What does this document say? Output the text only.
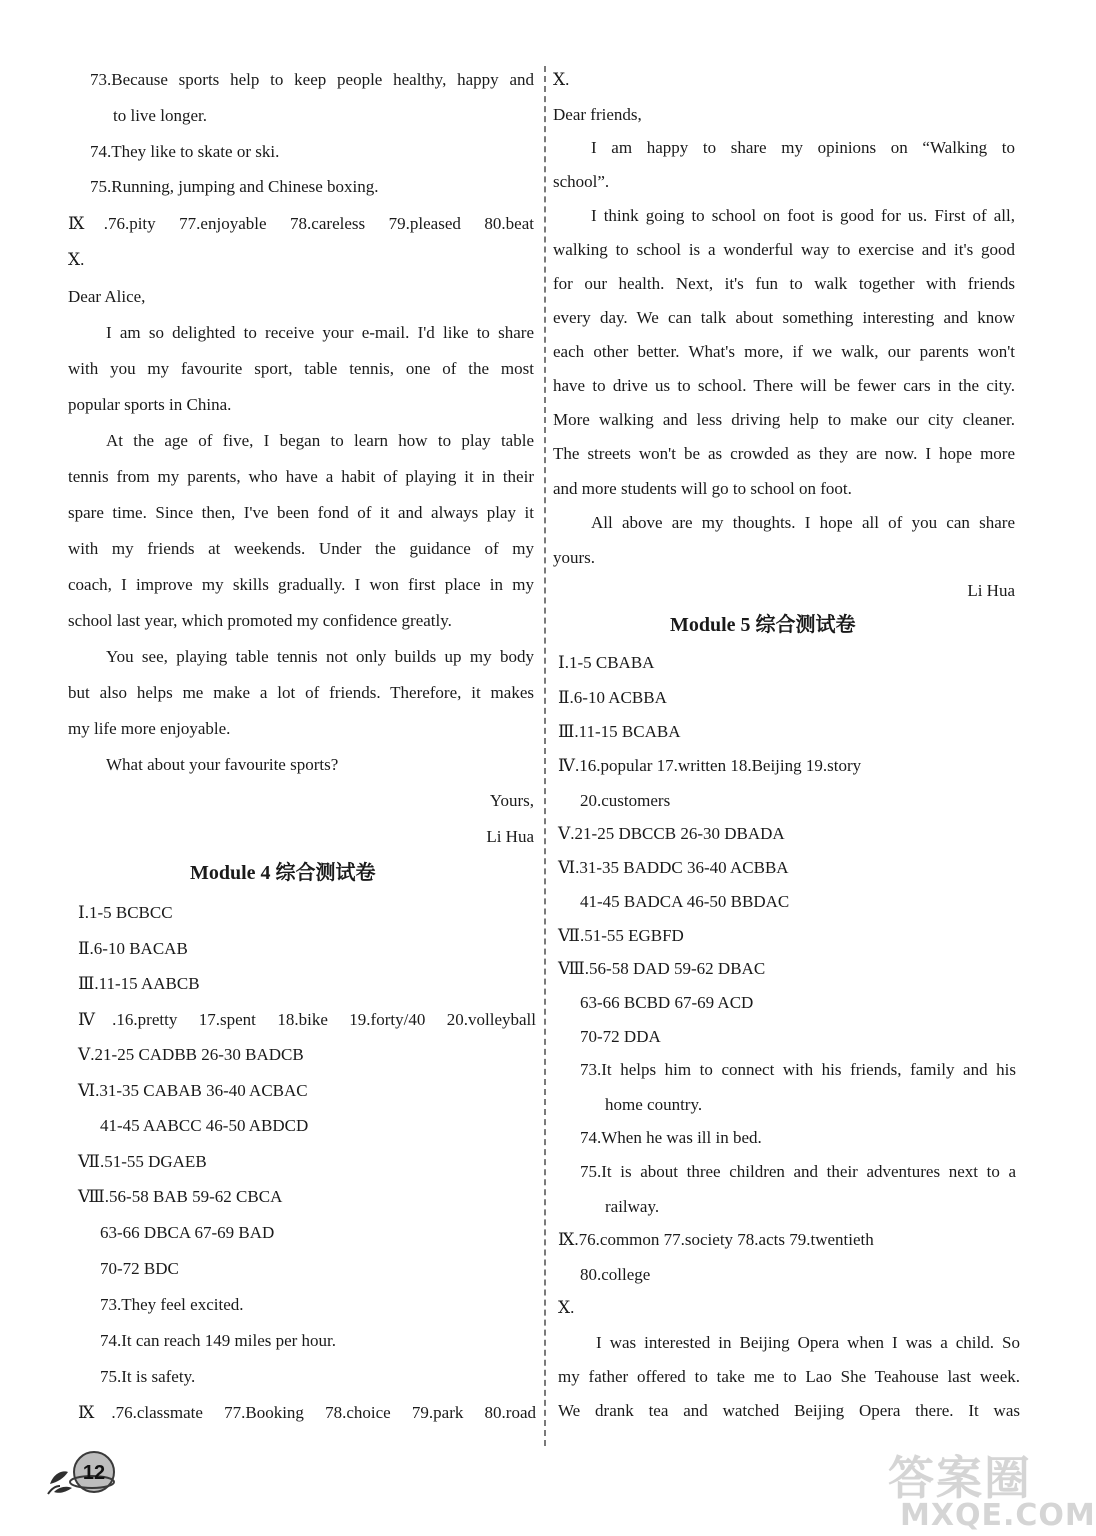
73.Because sports help to keep people healthy, happy and
to live longer.
74.They like to skate or ski.
75.Running, jumping and Chinese boxing.
Ⅸ.76.pity 77.enjoyable 78.careless 79.pleased 80.beat
Ⅹ.
Dear Alice,
I am so delighted to receive your e-mail. I'd like to share
with you my favourite sport, table tennis, one of the most
popular sports in China.
At the age of five, I began to learn how to play table
tennis from my parents, who have a habit of playing it in their
spare time. Since then, I've been fond of it and always play it
with my friends at weekends. Under the guidance of my
coach, I improve my skills gradually. I won first place in my
school last year, which promoted my confidence greatly.
You see, playing table tennis not only builds up my body
but also helps me make a lot of friends. Therefore, it makes
my life more enjoyable.
What about your favourite sports?
Yours,
Li Hua
Module 4 综合测试卷
Ⅰ.1-5 BCBCC
Ⅱ.6-10 BACAB
Ⅲ.11-15 AABCB
Ⅳ.16.pretty 17.spent 18.bike 19.forty/40 20.volleyball
Ⅴ.21-25 CADBB 26-30 BADCB
Ⅵ.31-35 CABAB 36-40 ACBAC
41-45 AABCC 46-50 ABDCD
Ⅶ.51-55 DGAEB
Ⅷ.56-58 BAB 59-62 CBCA
63-66 DBCA 67-69 BAD
70-72 BDC
73.They feel excited.
74.It can reach 149 miles per hour.
75.It is safety.
Ⅸ.76.classmate 77.Booking 78.choice 79.park 80.road
Ⅹ.
Dear friends,
I am happy to share my opinions on “Walking to
school”.
I think going to school on foot is good for us. First of all,
walking to school is a wonderful way to exercise and it's good
for our health. Next, it's fun to walk together with friends
every day. We can talk about something interesting and know
each other better. What's more, if we walk, our parents won't
have to drive us to school. There will be fewer cars in the city.
More walking and less driving help to make our city cleaner.
The streets won't be as crowded as they are now. I hope more
and more students will go to school on foot.
All above are my thoughts. I hope all of you can share
yours.
Li Hua
Module 5 综合测试卷
Ⅰ.1-5 CBABA
Ⅱ.6-10 ACBBA
Ⅲ.11-15 BCABA
Ⅳ.16.popular 17.written 18.Beijing 19.story
20.customers
Ⅴ.21-25 DBCCB 26-30 DBADA
Ⅵ.31-35 BADDC 36-40 ACBBA
41-45 BADCA 46-50 BBDAC
Ⅶ.51-55 EGBFD
Ⅷ.56-58 DAD 59-62 DBAC
63-66 BCBD 67-69 ACD
70-72 DDA
73.It helps him to connect with his friends, family and his
home country.
74.When he was ill in bed.
75.It is about three children and their adventures next to a
railway.
Ⅸ.76.common 77.society 78.acts 79.twentieth
80.college
Ⅹ.
I was interested in Beijing Opera when I was a child. So
my father offered to take me to Lao She Teahouse last week.
We drank tea and watched Beijing Opera there. It was
12	答案圈
MXQE.COM
